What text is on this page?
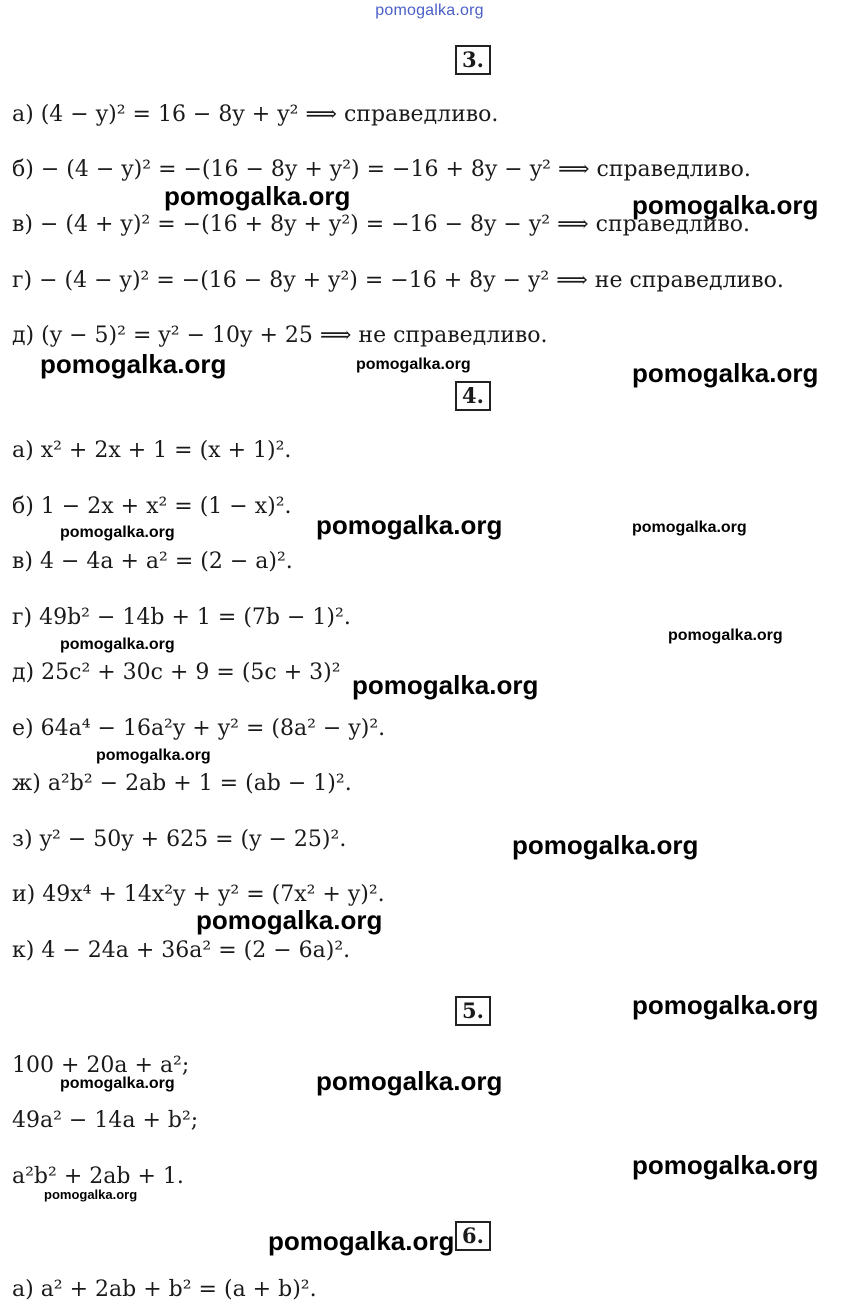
pomogalka.org
3.
а) (4 − y)² = 16 − 8y + y² ⟹ справедливо.
б) − (4 − y)² = −(16 − 8y + y²) = −16 + 8y − y² ⟹ справедливо.
в) − (4 + y)² = −(16 + 8y + y²) = −16 − 8y − y² ⟹ справедливо.
г) − (4 − y)² = −(16 − 8y + y²) = −16 + 8y − y² ⟹ не справедливо.
д) (y − 5)² = y² − 10y + 25 ⟹ не справедливо.
4.
а) x² + 2x + 1 = (x + 1)².
б) 1 − 2x + x² = (1 − x)².
в) 4 − 4a + a² = (2 − a)².
г) 49b² − 14b + 1 = (7b − 1)².
д) 25c² + 30c + 9 = (5c + 3)²
е) 64a⁴ − 16a²y + y² = (8a² − y)².
ж) a²b² − 2ab + 1 = (ab − 1)².
з) y² − 50y + 625 = (y − 25)².
и) 49x⁴ + 14x²y + y² = (7x² + y)².
к) 4 − 24a + 36a² = (2 − 6a)².
5.
100 + 20a + a²;
49a² − 14a + b²;
a²b² + 2ab + 1.
6.
а) a² + 2ab + b² = (a + b)².
pomogalka.org	pomogalka.org
pomogalka.org	pomogalka.org	pomogalka.org
pomogalka.org	pomogalka.org
pomogalka.org
pomogalka.org
pomogalka.org
pomogalka.org
pomogalka.org
pomogalka.org
pomogalka.org
pomogalka.org
pomogalka.org
pomogalka.org
pomogalka.org
pomogalka.org
pomogalka.org
